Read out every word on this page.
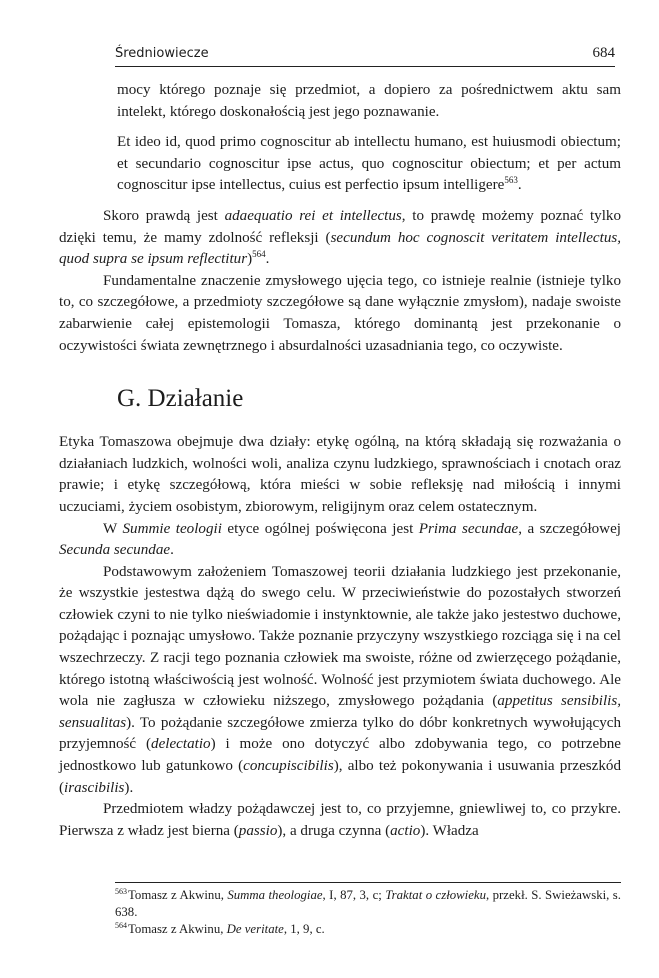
Średniowiecze	684

mocy którego poznaje się przedmiot, a dopiero za pośrednictwem aktu sam intelekt, którego doskonałością jest jego poznawanie.

Et ideo id, quod primo cognoscitur ab intellectu humano, est huiusmodi obiectum; et secundario cognoscitur ipse actus, quo cognoscitur obiectum; et per actum cognoscitur ipse intellectus, cuius est perfectio ipsum intelligere$^{563}$.

Skoro prawdą jest adaequatio rei et intellectus, to prawdę możemy poznać tylko dzięki temu, że mamy zdolność refleksji (secundum hoc cognoscit veritatem intellectus, quod supra se ipsum reflectitur)$^{564}$.

Fundamentalne znaczenie zmysłowego ujęcia tego, co istnieje realnie (istnieje tylko to, co szczegółowe, a przedmioty szczegółowe są dane wyłącznie zmysłom), nadaje swoiste zabarwienie całej epistemologii Tomasza, którego dominantą jest przekonanie o oczywistości świata zewnętrznego i absurdalności uzasadniania tego, co oczywiste.

G. Działanie

Etyka Tomaszowa obejmuje dwa działy: etykę ogólną, na którą składają się rozważania o działaniach ludzkich, wolności woli, analiza czynu ludzkiego, sprawnościach i cnotach oraz prawie; i etykę szczegółową, która mieści w sobie refleksję nad miłością i innymi uczuciami, życiem osobistym, zbiorowym, religijnym oraz celem ostatecznym.

W Summie teologii etyce ogólnej poświęcona jest Prima secundae, a szczegółowej Secunda secundae.

Podstawowym założeniem Tomaszowej teorii działania ludzkiego jest przekonanie, że wszystkie jestestwa dążą do swego celu. W przeciwieństwie do pozostałych stworzeń człowiek czyni to nie tylko nieświadomie i instynktownie, ale także jako jestestwo duchowe, pożądając i poznając umysłowo. Także poznanie przyczyny wszystkiego rozciąga się i na cel wszechrzeczy. Z racji tego poznania człowiek ma swoiste, różne od zwierzęcego pożądanie, którego istotną właściwością jest wolność. Wolność jest przymiotem świata duchowego. Ale wola nie zagłusza w człowieku niższego, zmysłowego pożądania (appetitus sensibilis, sensualitas). To pożądanie szczegółowe zmierza tylko do dóbr konkretnych wywołujących przyjemność (delectatio) i może ono dotyczyć albo zdobywania tego, co potrzebne jednostkowo lub gatunkowo (concupiscibilis), albo też pokonywania i usuwania przeszkód (irascibilis).

Przedmiotem władzy pożądawczej jest to, co przyjemne, gniewliwej to, co przykre. Pierwsza z władz jest bierna (passio), a druga czynna (actio). Władza

$^{563}$Tomasz z Akwinu, Summa theologiae, I, 87, 3, c; Traktat o człowieku, przekł. S. Swieżawski, s. 638.
$^{564}$Tomasz z Akwinu, De veritate, 1, 9, c.
